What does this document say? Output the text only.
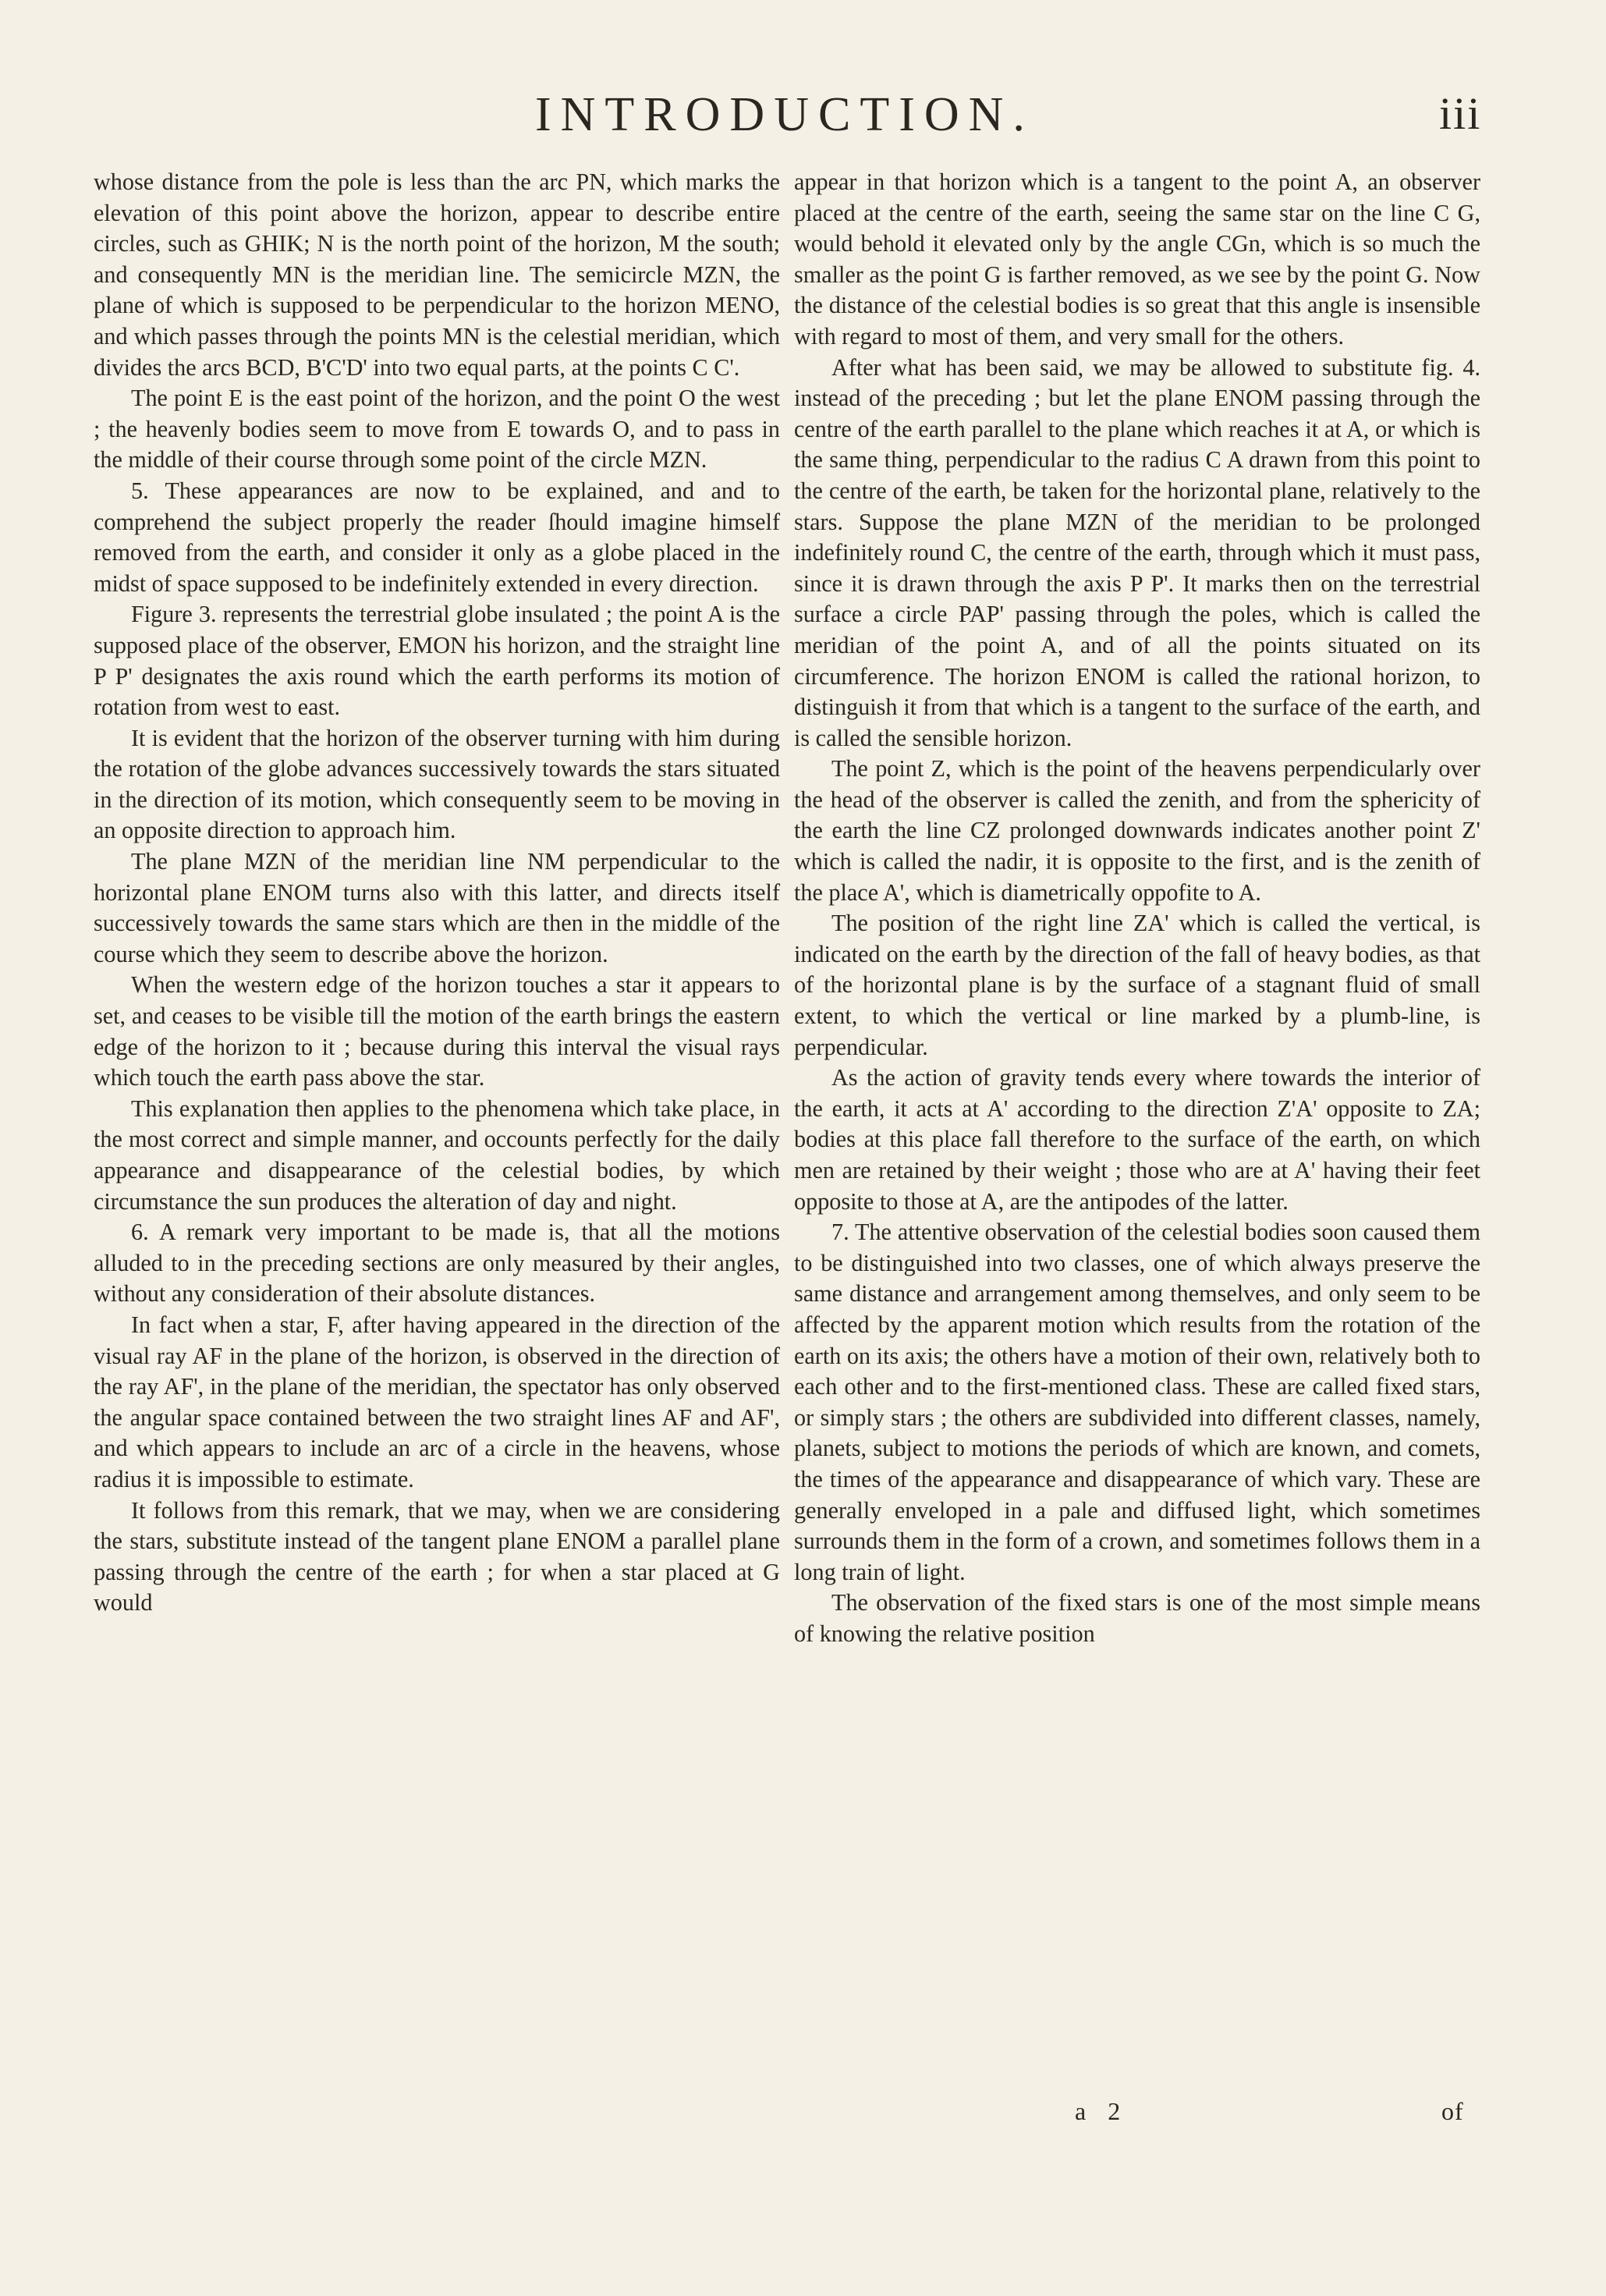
INTRODUCTION.	iii

whose distance from the pole is less than the arc PN, which marks the elevation of this point above the horizon, appear to describe entire circles, such as GHIK; N is the north point of the horizon, M the south; and consequently MN is the meridian line. The semicircle MZN, the plane of which is supposed to be perpendicular to the horizon MENO, and which passes through the points MN is the celestial meridian, which divides the arcs BCD, B'C'D' into two equal parts, at the points C C'.

The point E is the east point of the horizon, and the point O the west ; the heavenly bodies seem to move from E towards O, and to pass in the middle of their course through some point of the circle MZN.

5. These appearances are now to be explained, and and to comprehend the subject properly the reader ſhould imagine himself removed from the earth, and consider it only as a globe placed in the midst of space supposed to be indefinitely extended in every direction.

Figure 3. represents the terrestrial globe insulated ; the point A is the supposed place of the observer, EMON his horizon, and the straight line P P' designates the axis round which the earth performs its motion of rotation from west to east.

It is evident that the horizon of the observer turning with him during the rotation of the globe advances successively towards the stars situated in the direction of its motion, which consequently seem to be moving in an opposite direction to approach him.

The plane MZN of the meridian line NM perpendicular to the horizontal plane ENOM turns also with this latter, and directs itself successively towards the same stars which are then in the middle of the course which they seem to describe above the horizon.

When the western edge of the horizon touches a star it appears to set, and ceases to be visible till the motion of the earth brings the eastern edge of the horizon to it ; because during this interval the visual rays which touch the earth pass above the star.

This explanation then applies to the phenomena which take place, in the most correct and simple manner, and occounts perfectly for the daily appearance and disappearance of the celestial bodies, by which circumstance the sun produces the alteration of day and night.

6. A remark very important to be made is, that all the motions alluded to in the preceding sections are only measured by their angles, without any consideration of their absolute distances.

In fact when a star, F, after having appeared in the direction of the visual ray AF in the plane of the horizon, is observed in the direction of the ray AF', in the plane of the meridian, the spectator has only observed the angular space contained between the two straight lines AF and AF', and which appears to include an arc of a circle in the heavens, whose radius it is impossible to estimate.

It follows from this remark, that we may, when we are considering the stars, substitute instead of the tangent plane ENOM a parallel plane passing through the centre of the earth ; for when a star placed at G would

appear in that horizon which is a tangent to the point A, an observer placed at the centre of the earth, seeing the same star on the line C G, would behold it elevated only by the angle CGn, which is so much the smaller as the point G is farther removed, as we see by the point G. Now the distance of the celestial bodies is so great that this angle is insensible with regard to most of them, and very small for the others.

After what has been said, we may be allowed to substitute fig. 4. instead of the preceding ; but let the plane ENOM passing through the centre of the earth parallel to the plane which reaches it at A, or which is the same thing, perpendicular to the radius C A drawn from this point to the centre of the earth, be taken for the horizontal plane, relatively to the stars. Suppose the plane MZN of the meridian to be prolonged indefinitely round C, the centre of the earth, through which it must pass, since it is drawn through the axis P P'. It marks then on the terrestrial surface a circle PAP' passing through the poles, which is called the meridian of the point A, and of all the points situated on its circumference. The horizon ENOM is called the rational horizon, to distinguish it from that which is a tangent to the surface of the earth, and is called the sensible horizon.

The point Z, which is the point of the heavens perpendicularly over the head of the observer is called the zenith, and from the sphericity of the earth the line CZ prolonged downwards indicates another point Z' which is called the nadir, it is opposite to the first, and is the zenith of the place A', which is diametrically oppofite to A.

The position of the right line ZA' which is called the vertical, is indicated on the earth by the direction of the fall of heavy bodies, as that of the horizontal plane is by the surface of a stagnant fluid of small extent, to which the vertical or line marked by a plumb-line, is perpendicular.

As the action of gravity tends every where towards the interior of the earth, it acts at A' according to the direction Z'A' opposite to ZA; bodies at this place fall therefore to the surface of the earth, on which men are retained by their weight ; those who are at A' having their feet opposite to those at A, are the antipodes of the latter.

7. The attentive observation of the celestial bodies soon caused them to be distinguished into two classes, one of which always preserve the same distance and arrangement among themselves, and only seem to be affected by the apparent motion which results from the rotation of the earth on its axis; the others have a motion of their own, relatively both to each other and to the first-mentioned class. These are called fixed stars, or simply stars ; the others are subdivided into different classes, namely, planets, subject to motions the periods of which are known, and comets, the times of the appearance and disappearance of which vary. These are generally enveloped in a pale and diffused light, which sometimes surrounds them in the form of a crown, and sometimes follows them in a long train of light.

The observation of the fixed stars is one of the most simple means of knowing the relative position

a 2	of
